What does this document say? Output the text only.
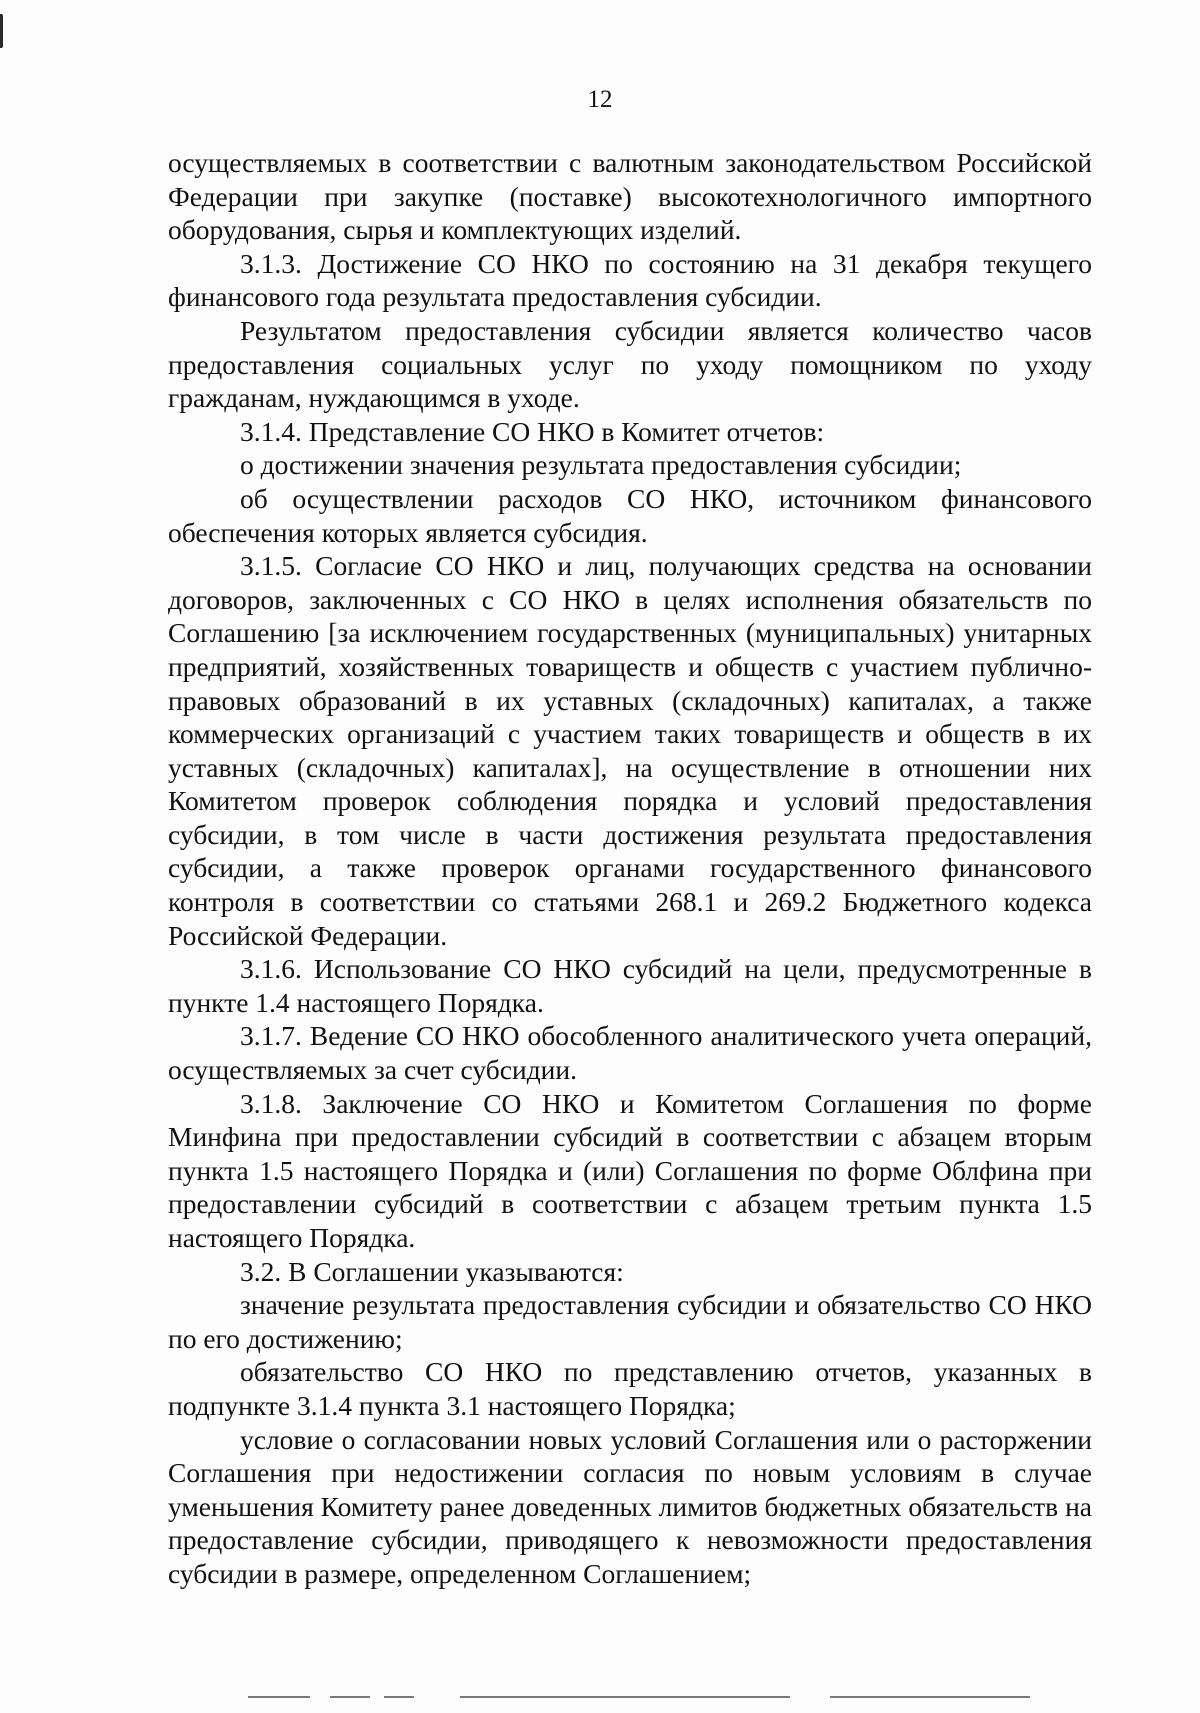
12

осуществляемых в соответствии с валютным законодательством Российской Федерации при закупке (поставке) высокотехнологичного импортного оборудования, сырья и комплектующих изделий.

3.1.3. Достижение СО НКО по состоянию на 31 декабря текущего финансового года результата предоставления субсидии.

Результатом предоставления субсидии является количество часов предоставления социальных услуг по уходу помощником по уходу гражданам, нуждающимся в уходе.

3.1.4. Представление СО НКО в Комитет отчетов:

о достижении значения результата предоставления субсидии;

об осуществлении расходов СО НКО, источником финансового обеспечения которых является субсидия.

3.1.5. Согласие СО НКО и лиц, получающих средства на основании договоров, заключенных с СО НКО в целях исполнения обязательств по Соглашению [за исключением государственных (муниципальных) унитарных предприятий, хозяйственных товариществ и обществ с участием публично-правовых образований в их уставных (складочных) капиталах, а также коммерческих организаций с участием таких товариществ и обществ в их уставных (складочных) капиталах], на осуществление в отношении них Комитетом проверок соблюдения порядка и условий предоставления субсидии, в том числе в части достижения результата предоставления субсидии, а также проверок органами государственного финансового контроля в соответствии со статьями 268.1 и 269.2 Бюджетного кодекса Российской Федерации.

3.1.6. Использование СО НКО субсидий на цели, предусмотренные в пункте 1.4 настоящего Порядка.

3.1.7. Ведение СО НКО обособленного аналитического учета операций, осуществляемых за счет субсидии.

3.1.8. Заключение СО НКО и Комитетом Соглашения по форме Минфина при предоставлении субсидий в соответствии с абзацем вторым пункта 1.5 настоящего Порядка и (или) Соглашения по форме Облфина при предоставлении субсидий в соответствии с абзацем третьим пункта 1.5 настоящего Порядка.

3.2. В Соглашении указываются:

значение результата предоставления субсидии и обязательство СО НКО по его достижению;

обязательство СО НКО по представлению отчетов, указанных в подпункте 3.1.4 пункта 3.1 настоящего Порядка;

условие о согласовании новых условий Соглашения или о расторжении Соглашения при недостижении согласия по новым условиям в случае уменьшения Комитету ранее доведенных лимитов бюджетных обязательств на предоставление субсидии, приводящего к невозможности предоставления субсидии в размере, определенном Соглашением;
